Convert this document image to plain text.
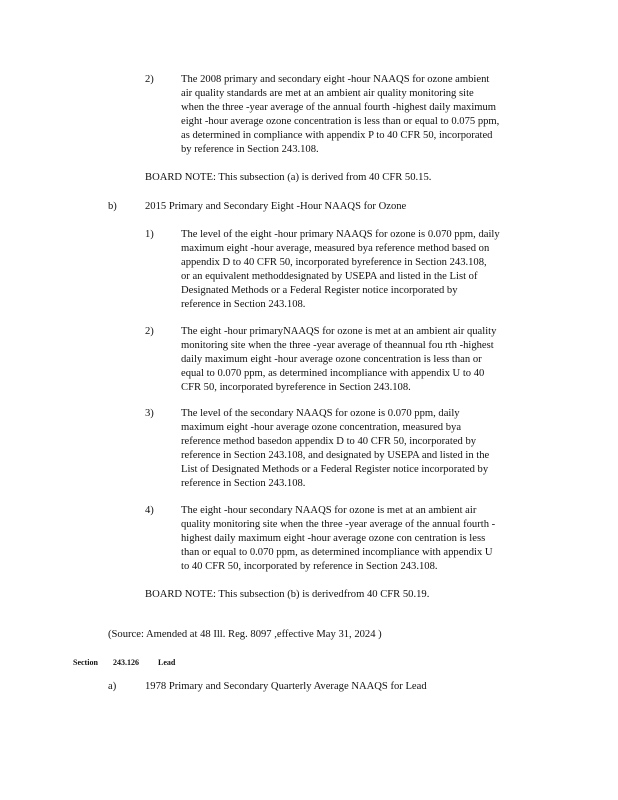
2)	The 2008 primary and secondary eight -hour NAAQS for ozone ambient
air quality standards are met at an ambient air quality monitoring site
when the three -year average of the annual fourth -highest daily maximum
eight -hour average ozone concentration is less than or equal to 0.075 ppm,
as determined in compliance with appendix P to 40 CFR 50, incorporated
by reference in Section 243.108.
BOARD NOTE: This subsection (a) is derived from 40 CFR 50.15.
b)	2015 Primary and Secondary Eight -Hour NAAQS for Ozone
1)	The level of the eight -hour primary NAAQS for ozone is 0.070 ppm, daily
maximum eight -hour average, measured bya reference method based on
appendix D to 40 CFR 50, incorporated byreference in Section 243.108,
or an equivalent methoddesignated by USEPA and listed in the List of
Designated Methods or a Federal Register notice incorporated by
reference in Section 243.108.
2)	The eight -hour primaryNAAQS for ozone is met at an ambient air quality
monitoring site when the three -year average of theannual fou rth -highest
daily maximum eight -hour average ozone concentration is less than or
equal to 0.070 ppm, as determined incompliance with appendix U to 40
CFR 50, incorporated byreference in Section 243.108.
3)	The level of the secondary NAAQS for ozone is 0.070 ppm, daily
maximum eight -hour average ozone concentration, measured bya
reference method basedon appendix D to 40 CFR 50, incorporated by
reference in Section 243.108, and designated by USEPA and listed in the
List of Designated Methods or a Federal Register notice incorporated by
reference in Section 243.108.
4)	The eight -hour secondary NAAQS for ozone is met at an ambient air
quality monitoring site when the three -year average of the annual fourth -
highest daily maximum eight -hour average ozone con centration is less
than or equal to 0.070 ppm, as determined incompliance with appendix U
to 40 CFR 50, incorporated by reference in Section 243.108.
BOARD NOTE: This subsection (b) is derivedfrom 40 CFR 50.19.
(Source: Amended at 48 Ill. Reg. 8097 ,effective May 31, 2024 )
Section 243.126 Lead
a)	1978 Primary and Secondary Quarterly Average NAAQS for Lead
